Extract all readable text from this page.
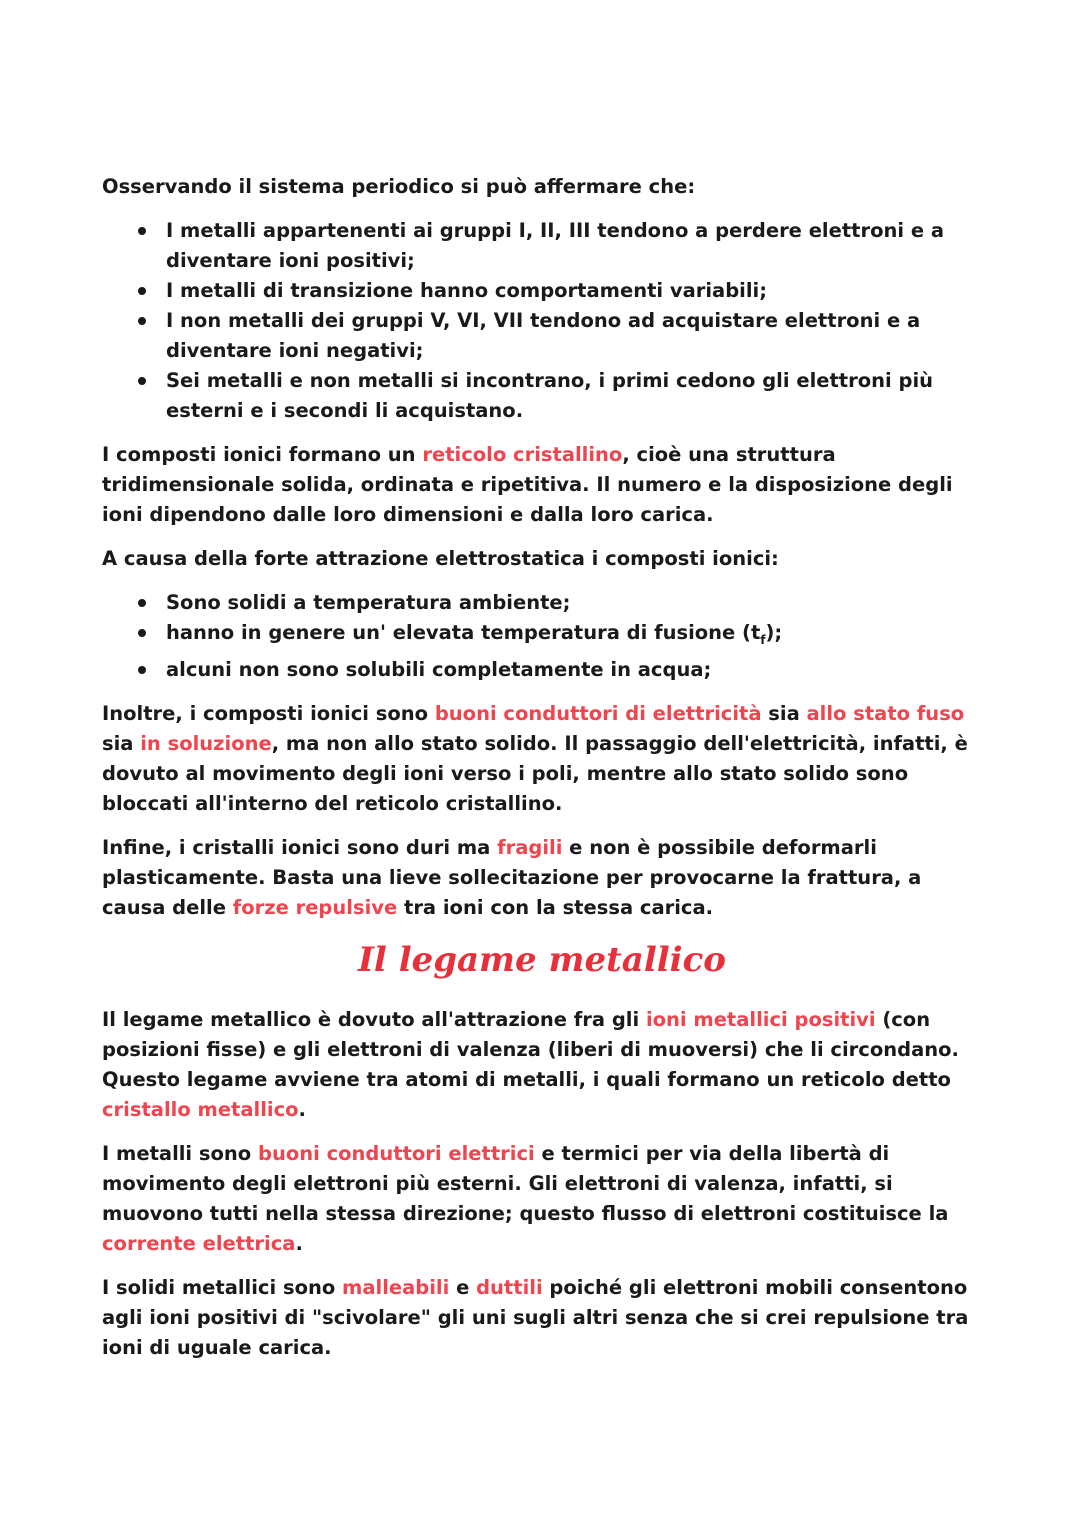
Osservando il sistema periodico si può affermare che:

I metalli appartenenti ai gruppi I, II, III tendono a perdere elettroni e a diventare ioni positivi;
I metalli di transizione hanno comportamenti variabili;
I non metalli dei gruppi V, VI, VII tendono ad acquistare elettroni e a diventare ioni negativi;
Sei metalli e non metalli si incontrano, i primi cedono gli elettroni più esterni e i secondi li acquistano.

I composti ionici formano un reticolo cristallino, cioè una struttura tridimensionale solida, ordinata e ripetitiva. Il numero e la disposizione degli ioni dipendono dalle loro dimensioni e dalla loro carica.

A causa della forte attrazione elettrostatica i composti ionici:

Sono solidi a temperatura ambiente;
hanno in genere un' elevata temperatura di fusione $(t_f)$;
alcuni non sono solubili completamente in acqua;

Inoltre, i composti ionici sono buoni conduttori di elettricità sia allo stato fuso sia in soluzione, ma non allo stato solido. Il passaggio dell'elettricità, infatti, è dovuto al movimento degli ioni verso i poli, mentre allo stato solido sono bloccati all'interno del reticolo cristallino.

Infine, i cristalli ionici sono duri ma fragili e non è possibile deformarli plasticamente. Basta una lieve sollecitazione per provocarne la frattura, a causa delle forze repulsive tra ioni con la stessa carica.

Il legame metallico

Il legame metallico è dovuto all'attrazione fra gli ioni metallici positivi (con posizioni fisse) e gli elettroni di valenza (liberi di muoversi) che li circondano. Questo legame avviene tra atomi di metalli, i quali formano un reticolo detto cristallo metallico.

I metalli sono buoni conduttori elettrici e termici per via della libertà di movimento degli elettroni più esterni. Gli elettroni di valenza, infatti, si muovono tutti nella stessa direzione; questo flusso di elettroni costituisce la corrente elettrica.

I solidi metallici sono malleabili e duttili poiché gli elettroni mobili consentono agli ioni positivi di "scivolare" gli uni sugli altri senza che si crei repulsione tra ioni di uguale carica.
